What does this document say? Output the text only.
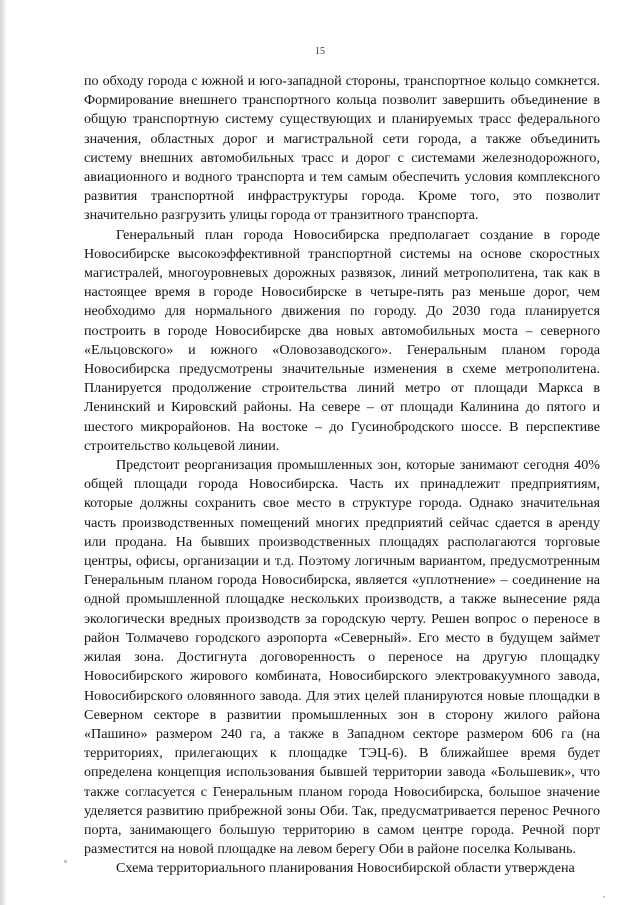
15

по обходу города с южной и юго-западной стороны, транспортное кольцо сомкнется. Формирование внешнего транспортного кольца позволит завершить объединение в общую транспортную систему существующих и планируемых трасс федерального значения, областных дорог и магистральной сети города, а также объединить систему внешних автомобильных трасс и дорог с системами железнодорожного, авиационного и водного транспорта и тем самым обеспечить условия комплексного развития транспортной инфраструктуры города. Кроме того, это позволит значительно разгрузить улицы города от транзитного транспорта.

Генеральный план города Новосибирска предполагает создание в городе Новосибирске высокоэффективной транспортной системы на основе скоростных магистралей, многоуровневых дорожных развязок, линий метрополитена, так как в настоящее время в городе Новосибирске в четыре-пять раз меньше дорог, чем необходимо для нормального движения по городу. До 2030 года планируется построить в городе Новосибирске два новых автомобильных моста – северного «Ельцовского» и южного «Оловозаводского». Генеральным планом города Новосибирска предусмотрены значительные изменения в схеме метрополитена. Планируется продолжение строительства линий метро от площади Маркса в Ленинский и Кировский районы. На севере – от площади Калинина до пятого и шестого микрорайонов. На востоке – до Гусинобродского шоссе. В перспективе строительство кольцевой линии.

Предстоит реорганизация промышленных зон, которые занимают сегодня 40% общей площади города Новосибирска. Часть их принадлежит предприятиям, которые должны сохранить свое место в структуре города. Однако значительная часть производственных помещений многих предприятий сейчас сдается в аренду или продана. На бывших производственных площадях располагаются торговые центры, офисы, организации и т.д. Поэтому логичным вариантом, предусмотренным Генеральным планом города Новосибирска, является «уплотнение» – соединение на одной промышленной площадке нескольких производств, а также вынесение ряда экологически вредных производств за городскую черту. Решен вопрос о переносе в район Толмачево городского аэропорта «Северный». Его место в будущем займет жилая зона. Достигнута договоренность о переносе на другую площадку Новосибирского жирового комбината, Новосибирского электровакуумного завода, Новосибирского оловянного завода. Для этих целей планируются новые площадки в Северном секторе в развитии промышленных зон в сторону жилого района «Пашино» размером 240 га, а также в Западном секторе размером 606 га (на территориях, прилегающих к площадке ТЭЦ-6). В ближайшее время будет определена концепция использования бывшей территории завода «Большевик», что также согласуется с Генеральным планом города Новосибирска, большое значение уделяется развитию прибрежной зоны Оби. Так, предусматривается перенос Речного порта, занимающего большую территорию в самом центре города. Речной порт разместится на новой площадке на левом берегу Оби в районе поселка Колывань.

Схема территориального планирования Новосибирской области утверждена
